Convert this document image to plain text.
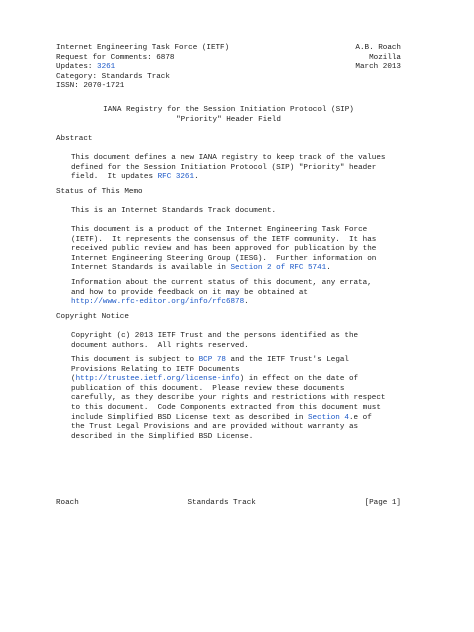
Internet Engineering Task Force (IETF)	A.B. Roach
Request for Comments: 6878	Mozilla
Updates: 3261	March 2013
Category: Standards Track
ISSN: 2070-1721
IANA Registry for the Session Initiation Protocol (SIP)
"Priority" Header Field
Abstract
This document defines a new IANA registry to keep track of the values
defined for the Session Initiation Protocol (SIP) "Priority" header
field.  It updates RFC 3261.
Status of This Memo
This is an Internet Standards Track document.
This document is a product of the Internet Engineering Task Force
(IETF).  It represents the consensus of the IETF community.  It has
received public review and has been approved for publication by the
Internet Engineering Steering Group (IESG).  Further information on
Internet Standards is available in Section 2 of RFC 5741.
Information about the current status of this document, any errata,
and how to provide feedback on it may be obtained at
http://www.rfc-editor.org/info/rfc6878.
Copyright Notice
Copyright (c) 2013 IETF Trust and the persons identified as the
document authors.  All rights reserved.
This document is subject to BCP 78 and the IETF Trust's Legal
Provisions Relating to IETF Documents
(http://trustee.ietf.org/license-info) in effect on the date of
publication of this document.  Please review these documents
carefully, as they describe your rights and restrictions with respect
to this document.  Code Components extracted from this document must
include Simplified BSD License text as described in Section 4.e of
the Trust Legal Provisions and are provided without warranty as
described in the Simplified BSD License.
Roach	Standards Track	[Page 1]
